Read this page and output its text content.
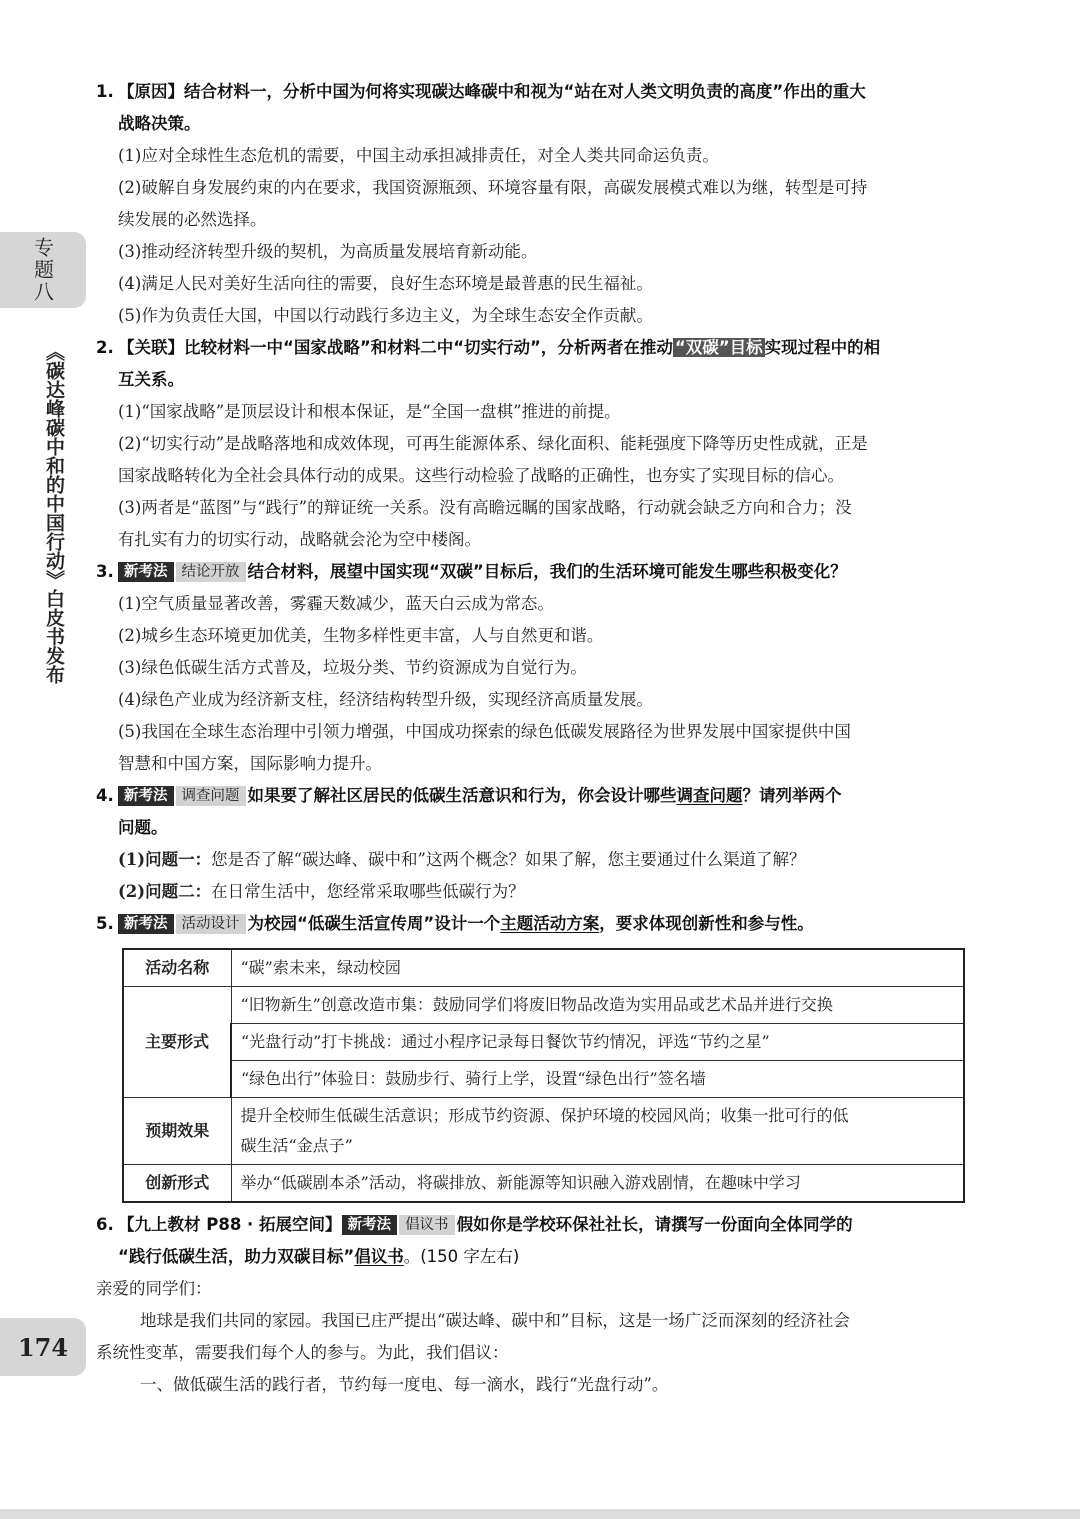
专题八
《碳达峰碳中和的中国行动》白皮书发布
174

1. 【原因】结合材料一，分析中国为何将实现碳达峰碳中和视为“站在对人类文明负责的高度”作出的重大
战略决策。

(1)应对全球性生态危机的需要，中国主动承担减排责任，对全人类共同命运负责。

(2)破解自身发展约束的内在要求，我国资源瓶颈、环境容量有限，高碳发展模式难以为继，转型是可持

续发展的必然选择。

(3)推动经济转型升级的契机，为高质量发展培育新动能。

(4)满足人民对美好生活向往的需要，良好生态环境是最普惠的民生福祉。

(5)作为负责任大国，中国以行动践行多边主义，为全球生态安全作贡献。

2. 【关联】比较材料一中“国家战略”和材料二中“切实行动”，分析两者在推动 “双碳”目标 实现过程中的相
互关系。

(1)“国家战略”是顶层设计和根本保证，是“全国一盘棋”推进的前提。

(2)“切实行动”是战略落地和成效体现，可再生能源体系、绿化面积、能耗强度下降等历史性成就，正是

国家战略转化为全社会具体行动的成果。这些行动检验了战略的正确性，也夯实了实现目标的信心。

(3)两者是“蓝图”与“践行”的辩证统一关系。没有高瞻远瞩的国家战略，行动就会缺乏方向和合力；没

有扎实有力的切实行动，战略就会沦为空中楼阁。

3. 新考法 结论开放 结合材料，展望中国实现“双碳”目标后，我们的生活环境可能发生哪些积极变化？

(1)空气质量显著改善，雾霾天数减少，蓝天白云成为常态。

(2)城乡生态环境更加优美，生物多样性更丰富，人与自然更和谐。

(3)绿色低碳生活方式普及，垃圾分类、节约资源成为自觉行为。

(4)绿色产业成为经济新支柱，经济结构转型升级，实现经济高质量发展。

(5)我国在全球生态治理中引领力增强，中国成功探索的绿色低碳发展路径为世界发展中国家提供中国

智慧和中国方案，国际影响力提升。

4. 新考法 调查问题 如果要了解社区居民的低碳生活意识和行为，你会设计哪些调查问题？请列举两个
问题。

(1)问题一：您是否了解“碳达峰、碳中和”这两个概念？如果了解，您主要通过什么渠道了解？

(2)问题二：在日常生活中，您经常采取哪些低碳行为？

5. 新考法 活动设计 为校园“低碳生活宣传周”设计一个主题活动方案，要求体现创新性和参与性。

活动名称	“碳”索未来，绿动校园
主要形式	“旧物新生”创意改造市集：鼓励同学们将废旧物品改造为实用品或艺术品并进行交换
	“光盘行动”打卡挑战：通过小程序记录每日餐饮节约情况，评选“节约之星”
	“绿色出行”体验日：鼓励步行、骑行上学，设置“绿色出行”签名墙
预期效果	提升全校师生低碳生活意识；形成节约资源、保护环境的校园风尚；收集一批可行的低
碳生活“金点子”
创新形式	举办“低碳剧本杀”活动，将碳排放、新能源等知识融入游戏剧情，在趣味中学习

6. 【九上教材 P88 · 拓展空间】 新考法 倡议书 假如你是学校环保社社长，请撰写一份面向全体同学的
“践行低碳生活，助力双碳目标”倡议书。(150 字左右)

亲爱的同学们：

地球是我们共同的家园。我国已庄严提出“碳达峰、碳中和”目标，这是一场广泛而深刻的经济社会

系统性变革，需要我们每个人的参与。为此，我们倡议：

一、做低碳生活的践行者，节约每一度电、每一滴水，践行“光盘行动”。
